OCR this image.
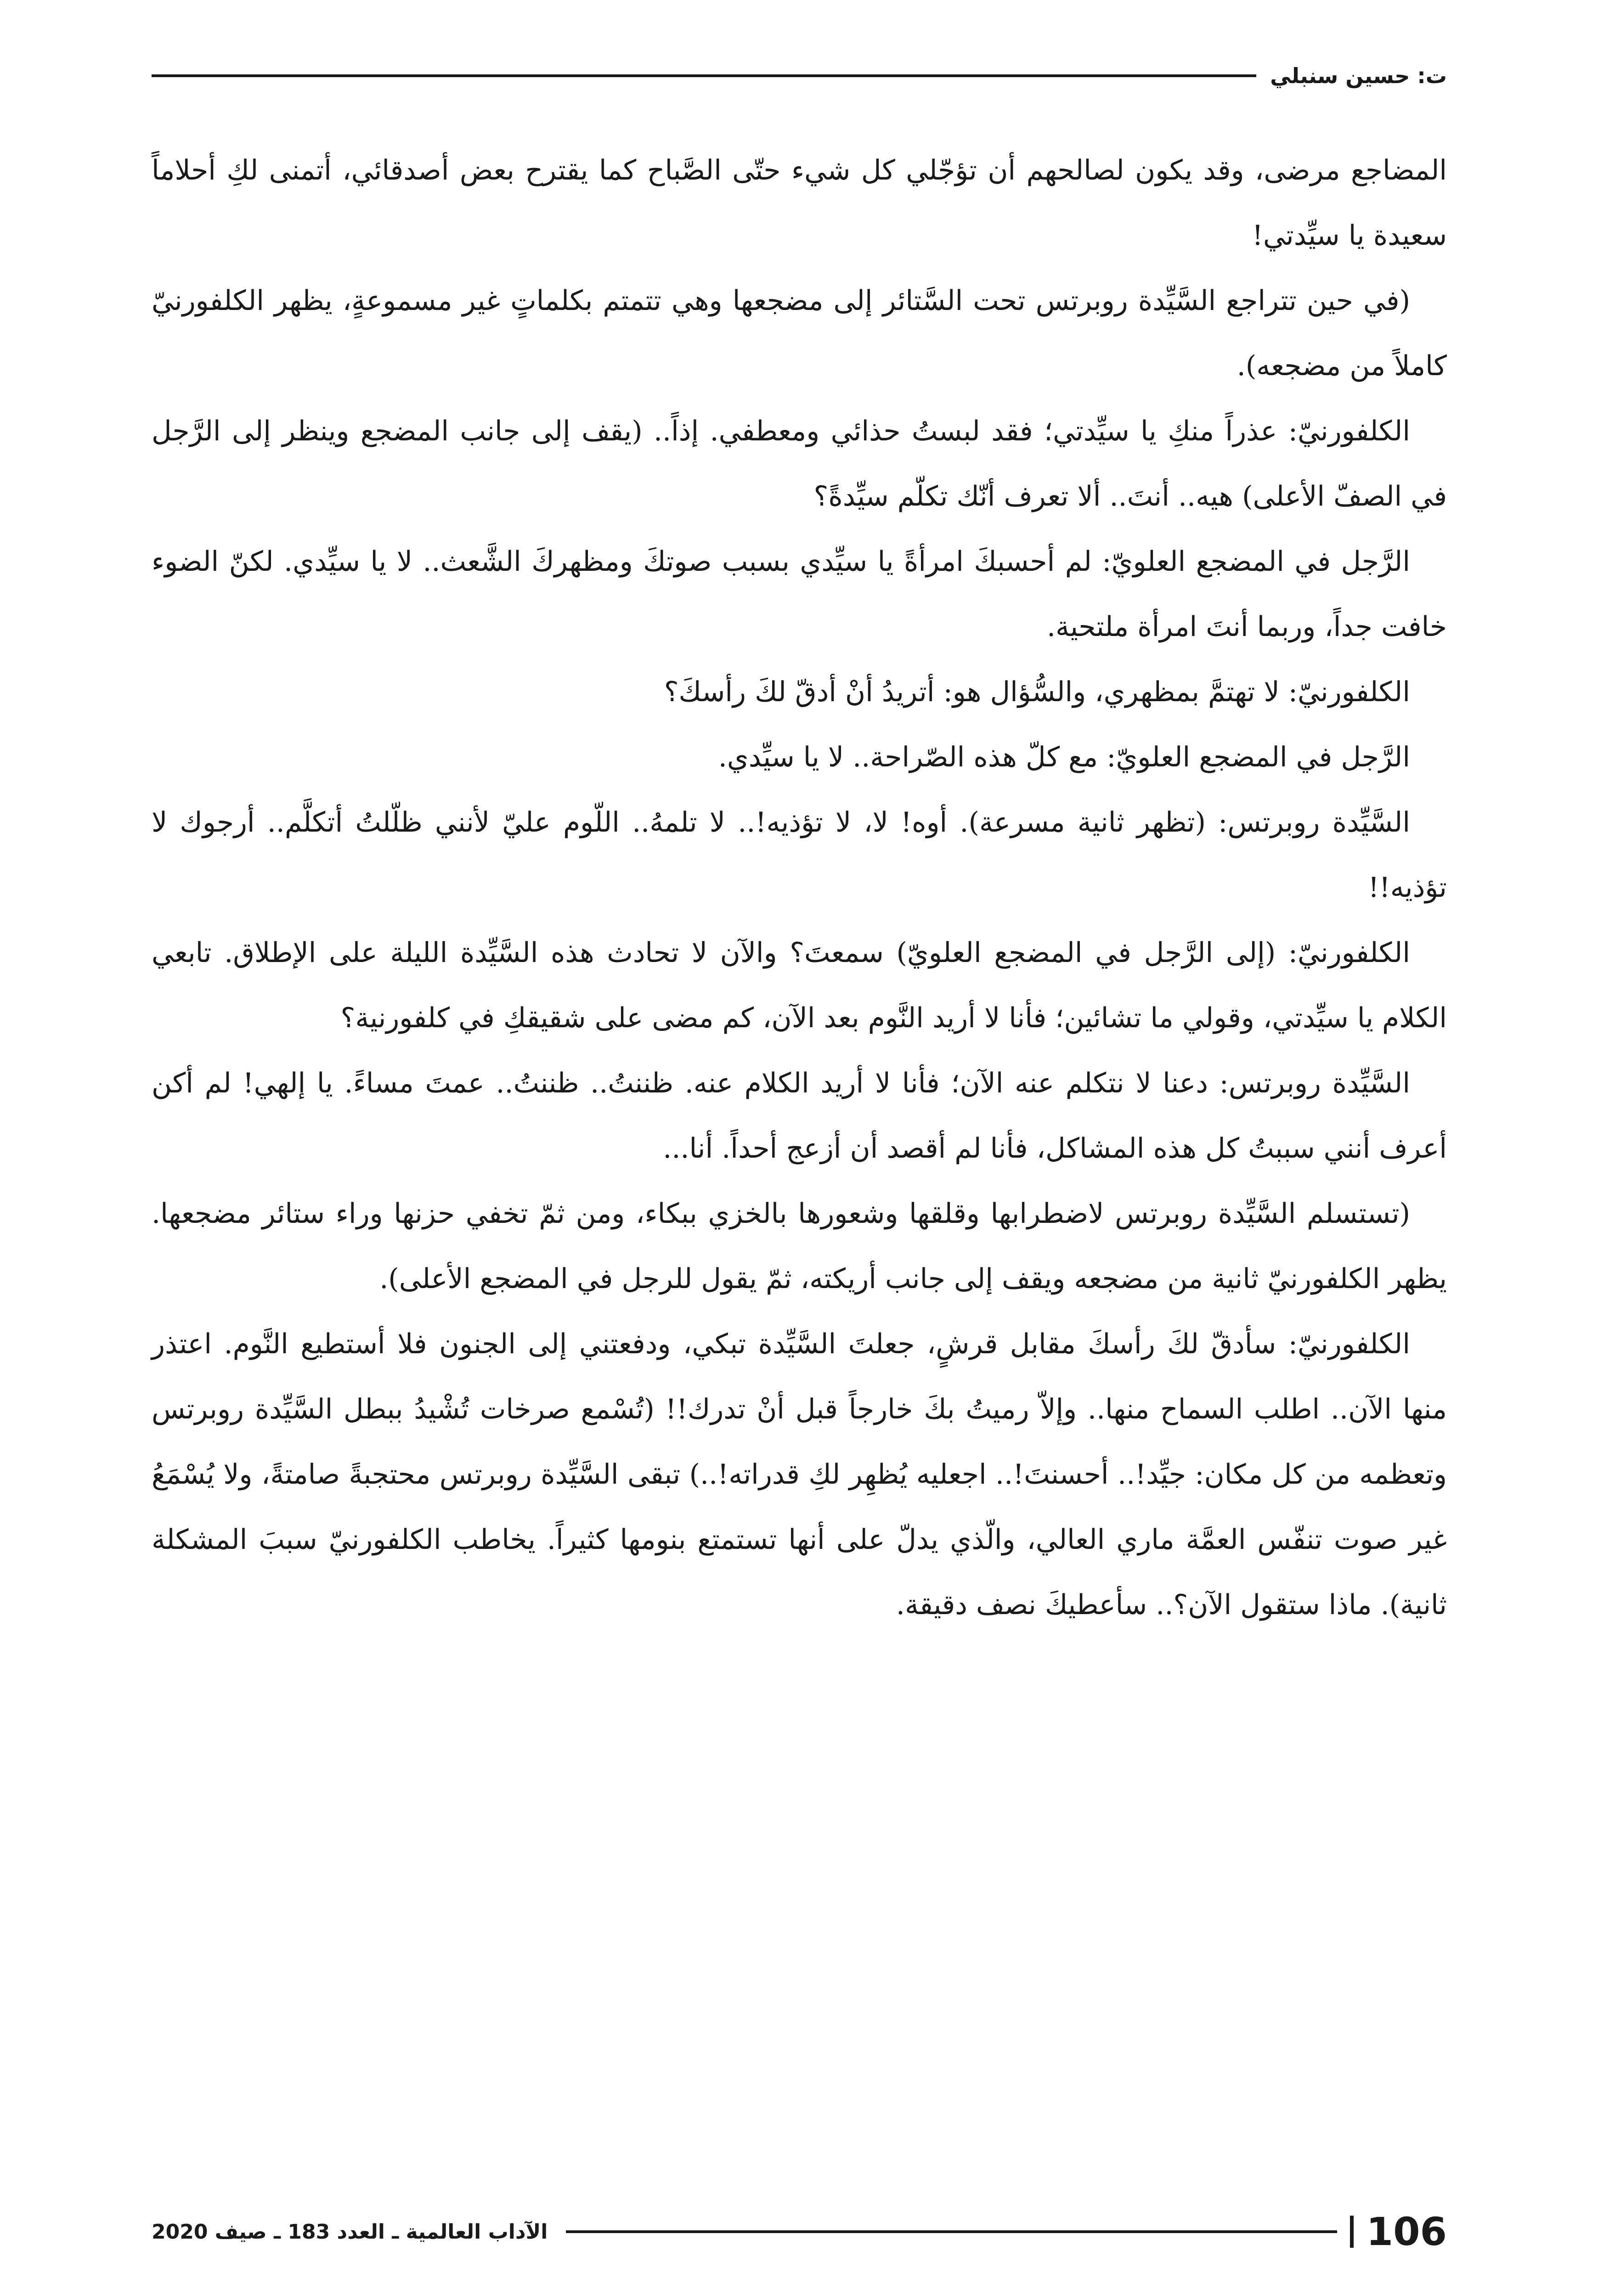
ت: حسين سنبلي

المضاجع مرضى، وقد يكون لصالحهم أن تؤجّلي كل شيء حتّى الصَّباح كما يقترح بعض أصدقائي، أتمنى لكِ أحلاماً سعيدة يا سيِّدتي!

(في حين تتراجع السَّيِّدة روبرتس تحت السَّتائر إلى مضجعها وهي تتمتم بكلماتٍ غير مسموعةٍ، يظهر الكلفورنيّ كاملاً من مضجعه).

الكلفورنيّ: عذراً منكِ يا سيِّدتي؛ فقد لبستُ حذائي ومعطفي. إذاً.. (يقف إلى جانب المضجع وينظر إلى الرَّجل في الصفّ الأعلى) هيه.. أنتَ.. ألا تعرف أنّك تكلّم سيِّدةً؟

الرَّجل في المضجع العلويّ: لم أحسبكَ امرأةً يا سيِّدي بسبب صوتكَ ومظهركَ الشَّعث.. لا يا سيِّدي. لكنّ الضوء خافت جداً، وربما أنتَ امرأة ملتحية.

الكلفورنيّ: لا تهتمَّ بمظهري، والسُّؤال هو: أتريدُ أنْ أدقّ لكَ رأسكَ؟

الرَّجل في المضجع العلويّ: مع كلّ هذه الصّراحة.. لا يا سيِّدي.

السَّيِّدة روبرتس: (تظهر ثانية مسرعة). أوه! لا، لا تؤذيه!.. لا تلمهُ.. اللّوم عليّ لأنني ظلّلتُ أتكلَّم.. أرجوك لا تؤذيه!!

الكلفورنيّ: (إلى الرَّجل في المضجع العلويّ) سمعتَ؟ والآن لا تحادث هذه السَّيِّدة الليلة على الإطلاق. تابعي الكلام يا سيِّدتي، وقولي ما تشائين؛ فأنا لا أريد النَّوم بعد الآن، كم مضى على شقيقكِ في كلفورنية؟

السَّيِّدة روبرتس: دعنا لا نتكلم عنه الآن؛ فأنا لا أريد الكلام عنه. ظننتُ.. ظننتُ.. عمتَ مساءً. يا إلهي! لم أكن أعرف أنني سببتُ كل هذه المشاكل، فأنا لم أقصد أن أزعج أحداً. أنا...

(تستسلم السَّيِّدة روبرتس لاضطرابها وقلقها وشعورها بالخزي ببكاء، ومن ثمّ تخفي حزنها وراء ستائر مضجعها. يظهر الكلفورنيّ ثانية من مضجعه ويقف إلى جانب أريكته، ثمّ يقول للرجل في المضجع الأعلى).

الكلفورنيّ: سأدقّ لكَ رأسكَ مقابل قرشٍ، جعلتَ السَّيِّدة تبكي، ودفعتني إلى الجنون فلا أستطيع النَّوم. اعتذر منها الآن.. اطلب السماح منها.. وإلاّ رميتُ بكَ خارجاً قبل أنْ تدرك!! (تُسْمع صرخات تُشْيدُ ببطل السَّيِّدة روبرتس وتعظمه من كل مكان: جيِّد!.. أحسنتَ!.. اجعليه يُظهِر لكِ قدراته!..) تبقى السَّيِّدة روبرتس محتجبةً صامتةً، ولا يُسْمَعُ غير صوت تنفّس العمَّة ماري العالي، والّذي يدلّ على أنها تستمتع بنومها كثيراً. يخاطب الكلفورنيّ سببَ المشكلة ثانية). ماذا ستقول الآن؟.. سأعطيكَ نصف دقيقة.

الآداب العالمية ـ العدد 183 ـ صيف 2020	106
